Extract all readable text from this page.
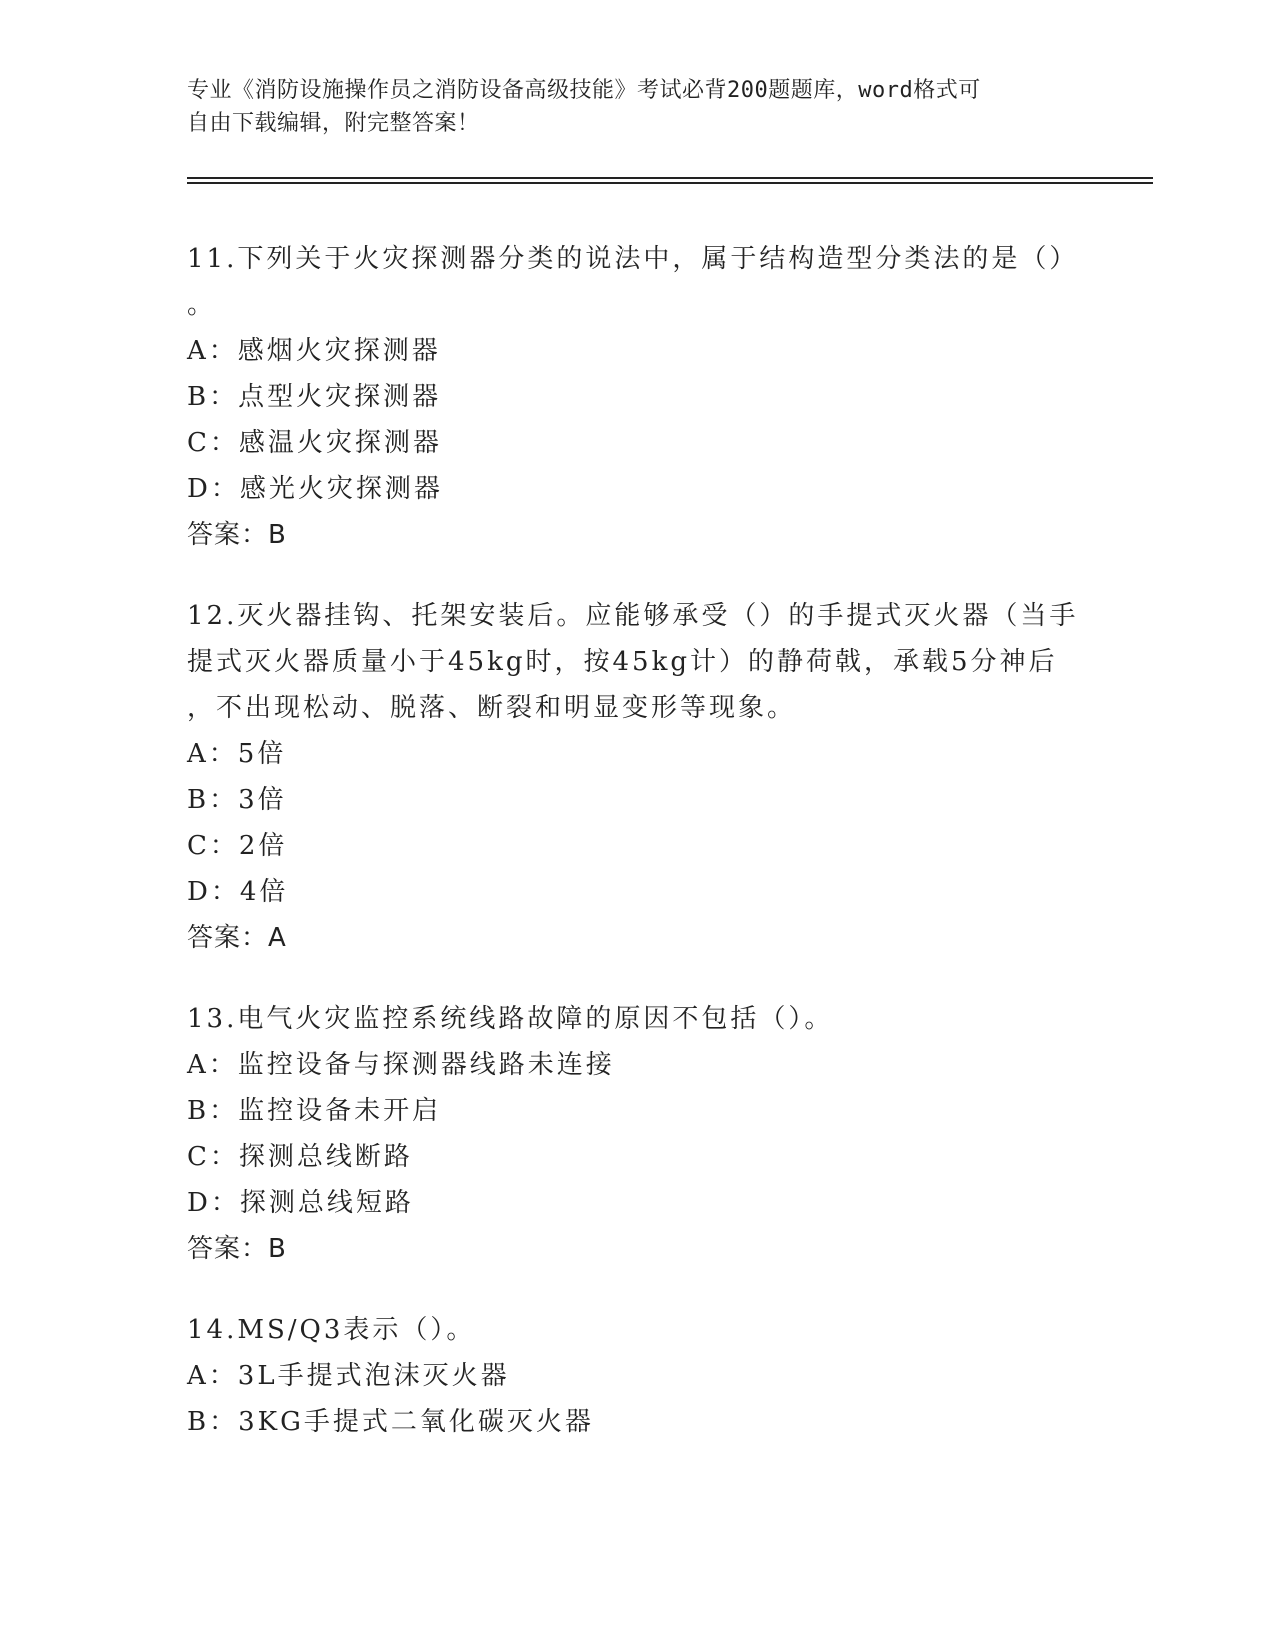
专业《消防设施操作员之消防设备高级技能》考试必背200题题库，word格式可
自由下载编辑，附完整答案！

11.下列关于火灾探测器分类的说法中，属于结构造型分类法的是（）

。

A：感烟火灾探测器

B：点型火灾探测器

C：感温火灾探测器

D：感光火灾探测器

答案：B

12.灭火器挂钩、托架安装后。应能够承受（）的手提式灭火器（当手

提式灭火器质量小于45kg时，按45kg计）的静荷戟，承载5分神后

，不出现松动、脱落、断裂和明显变形等现象。

A：5倍

B：3倍

C：2倍

D：4倍

答案：A

13.电气火灾监控系统线路故障的原因不包括（）。

A：监控设备与探测器线路未连接

B：监控设备未开启

C：探测总线断路

D：探测总线短路

答案：B

14.MS/Q3表示（）。

A：3L手提式泡沫灭火器

B：3KG手提式二氧化碳灭火器
